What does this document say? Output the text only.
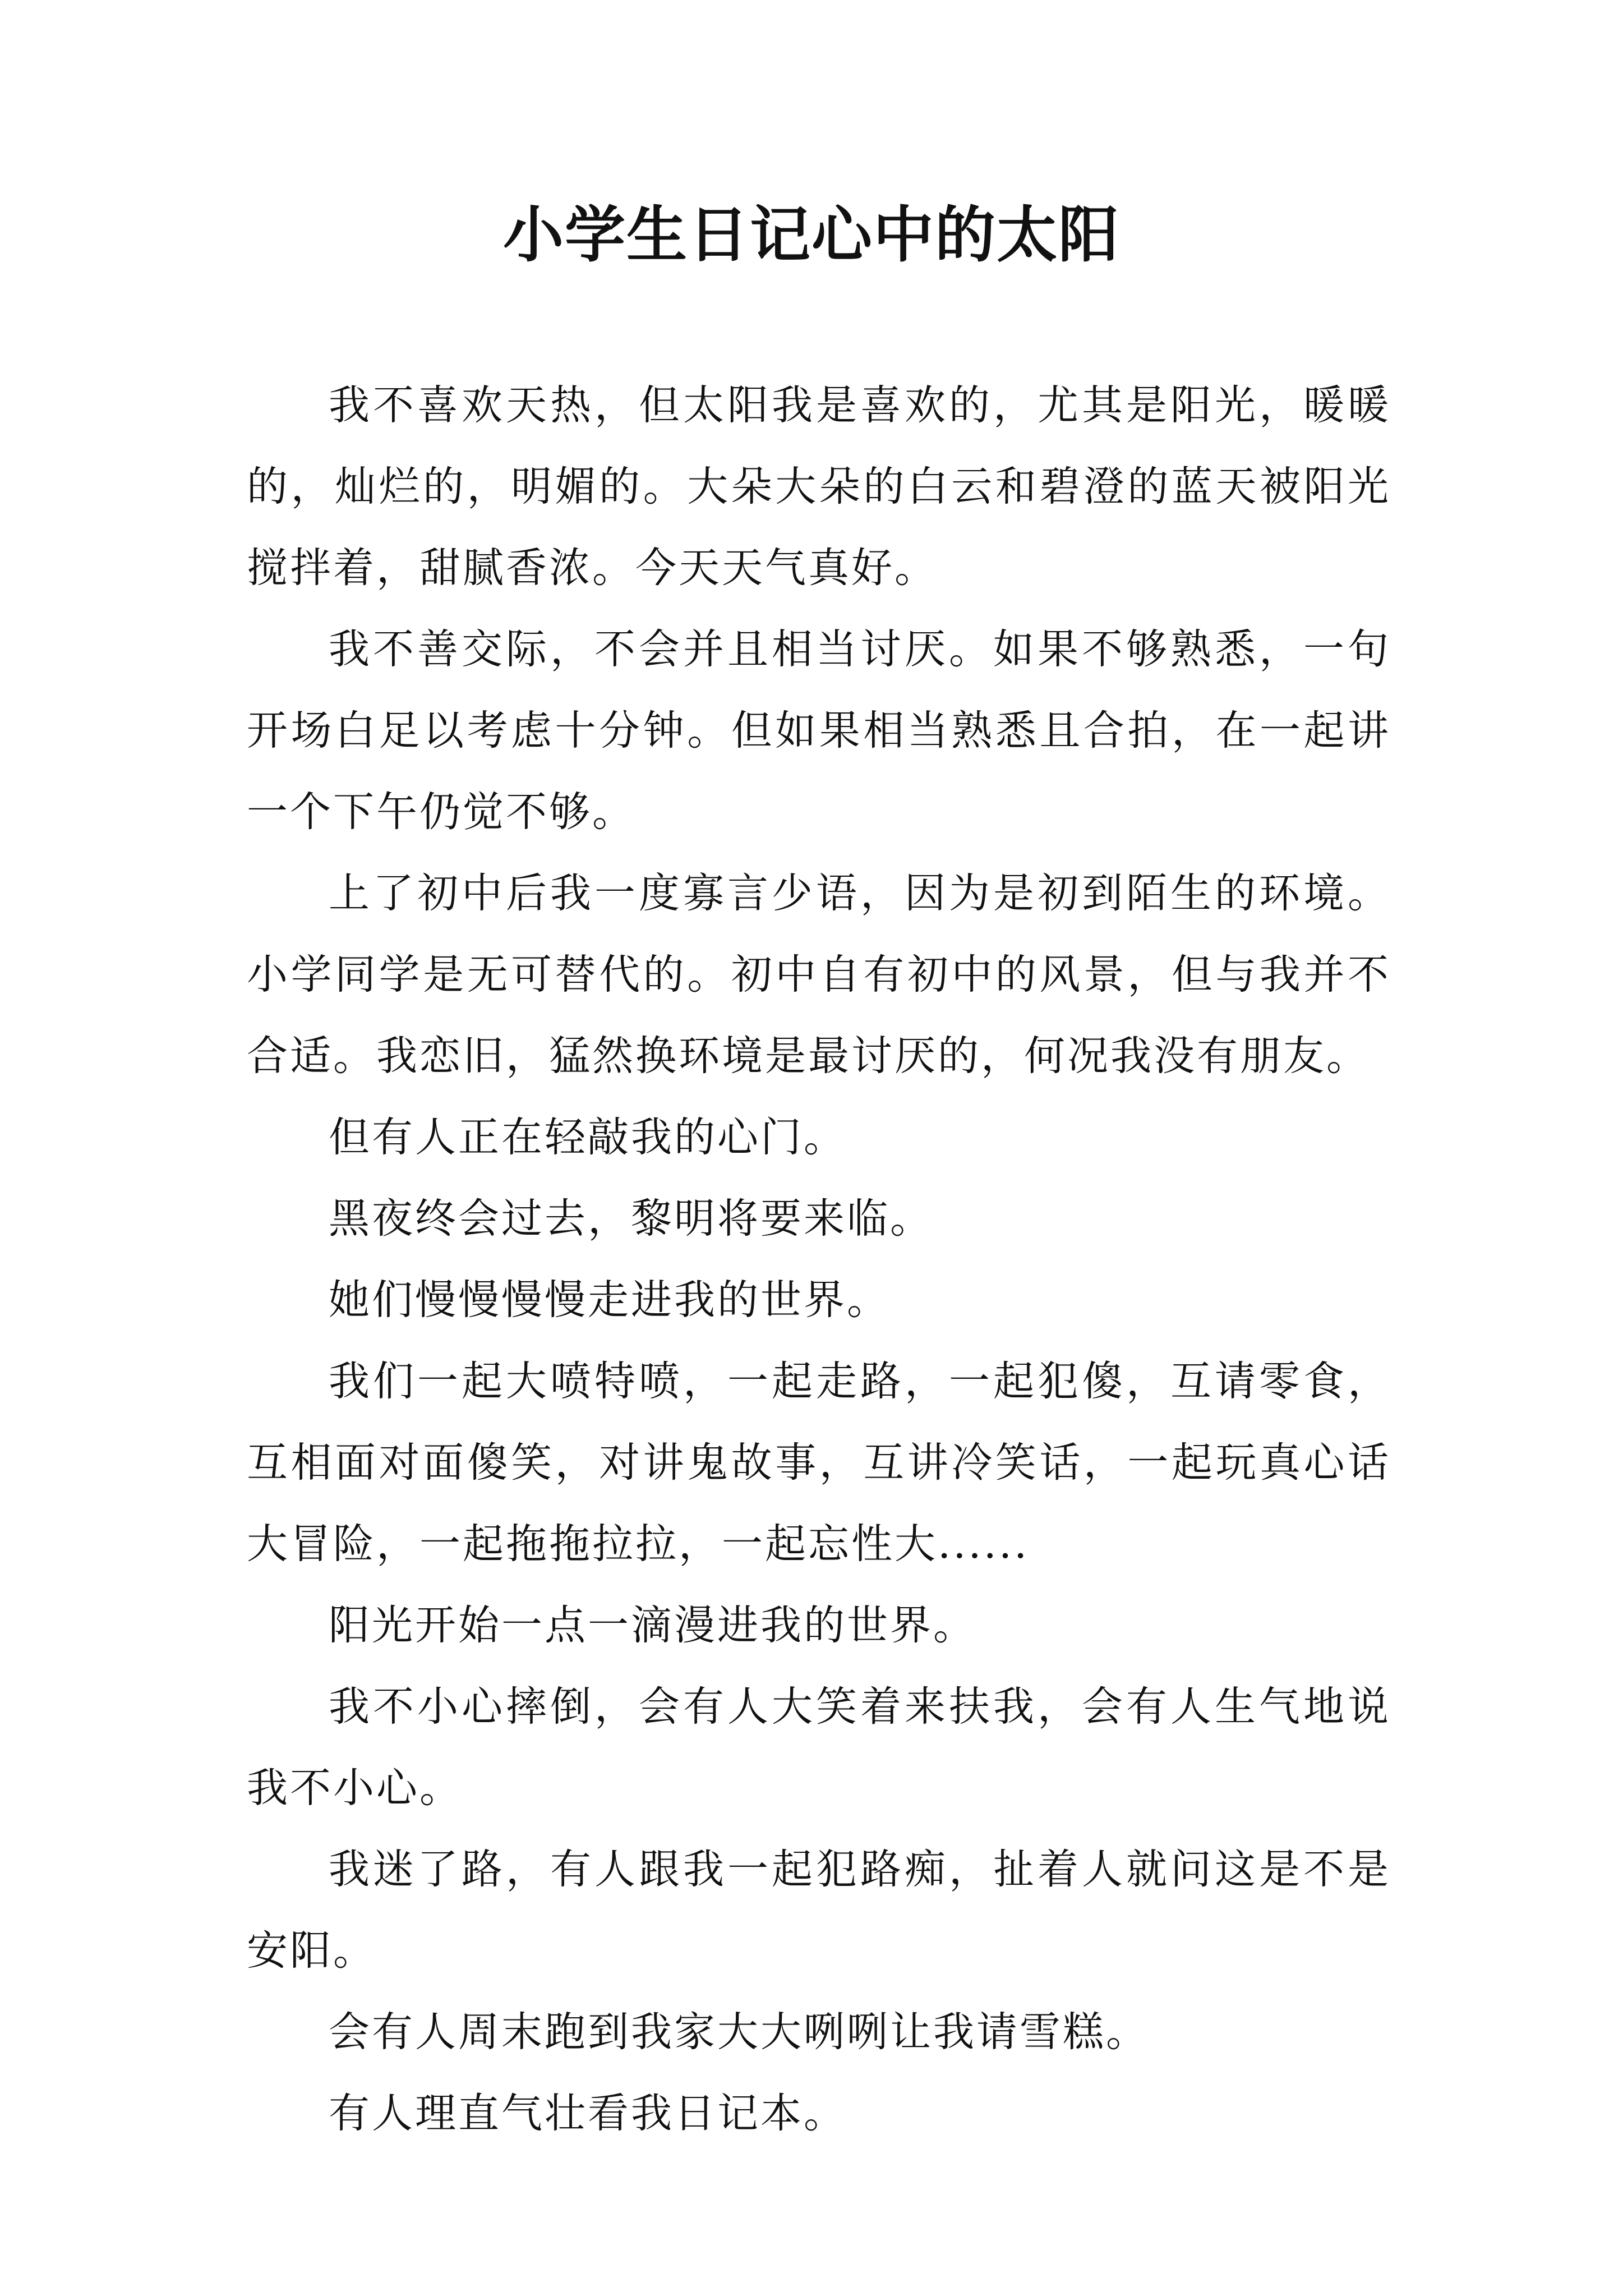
小学生日记心中的太阳

我不喜欢天热，但太阳我是喜欢的，尤其是阳光，暖暖的，灿烂的，明媚的。大朵大朵的白云和碧澄的蓝天被阳光搅拌着，甜腻香浓。今天天气真好。

我不善交际，不会并且相当讨厌。如果不够熟悉，一句开场白足以考虑十分钟。但如果相当熟悉且合拍，在一起讲一个下午仍觉不够。

上了初中后我一度寡言少语，因为是初到陌生的环境。小学同学是无可替代的。初中自有初中的风景，但与我并不合适。我恋旧，猛然换环境是最讨厌的，何况我没有朋友。

但有人正在轻敲我的心门。

黑夜终会过去，黎明将要来临。

她们慢慢慢慢走进我的世界。

我们一起大喷特喷，一起走路，一起犯傻，互请零食，互相面对面傻笑，对讲鬼故事，互讲冷笑话，一起玩真心话大冒险，一起拖拖拉拉，一起忘性大......

阳光开始一点一滴漫进我的世界。

我不小心摔倒，会有人大笑着来扶我，会有人生气地说我不小心。

我迷了路，有人跟我一起犯路痴，扯着人就问这是不是安阳。

会有人周末跑到我家大大咧咧让我请雪糕。

有人理直气壮看我日记本。
